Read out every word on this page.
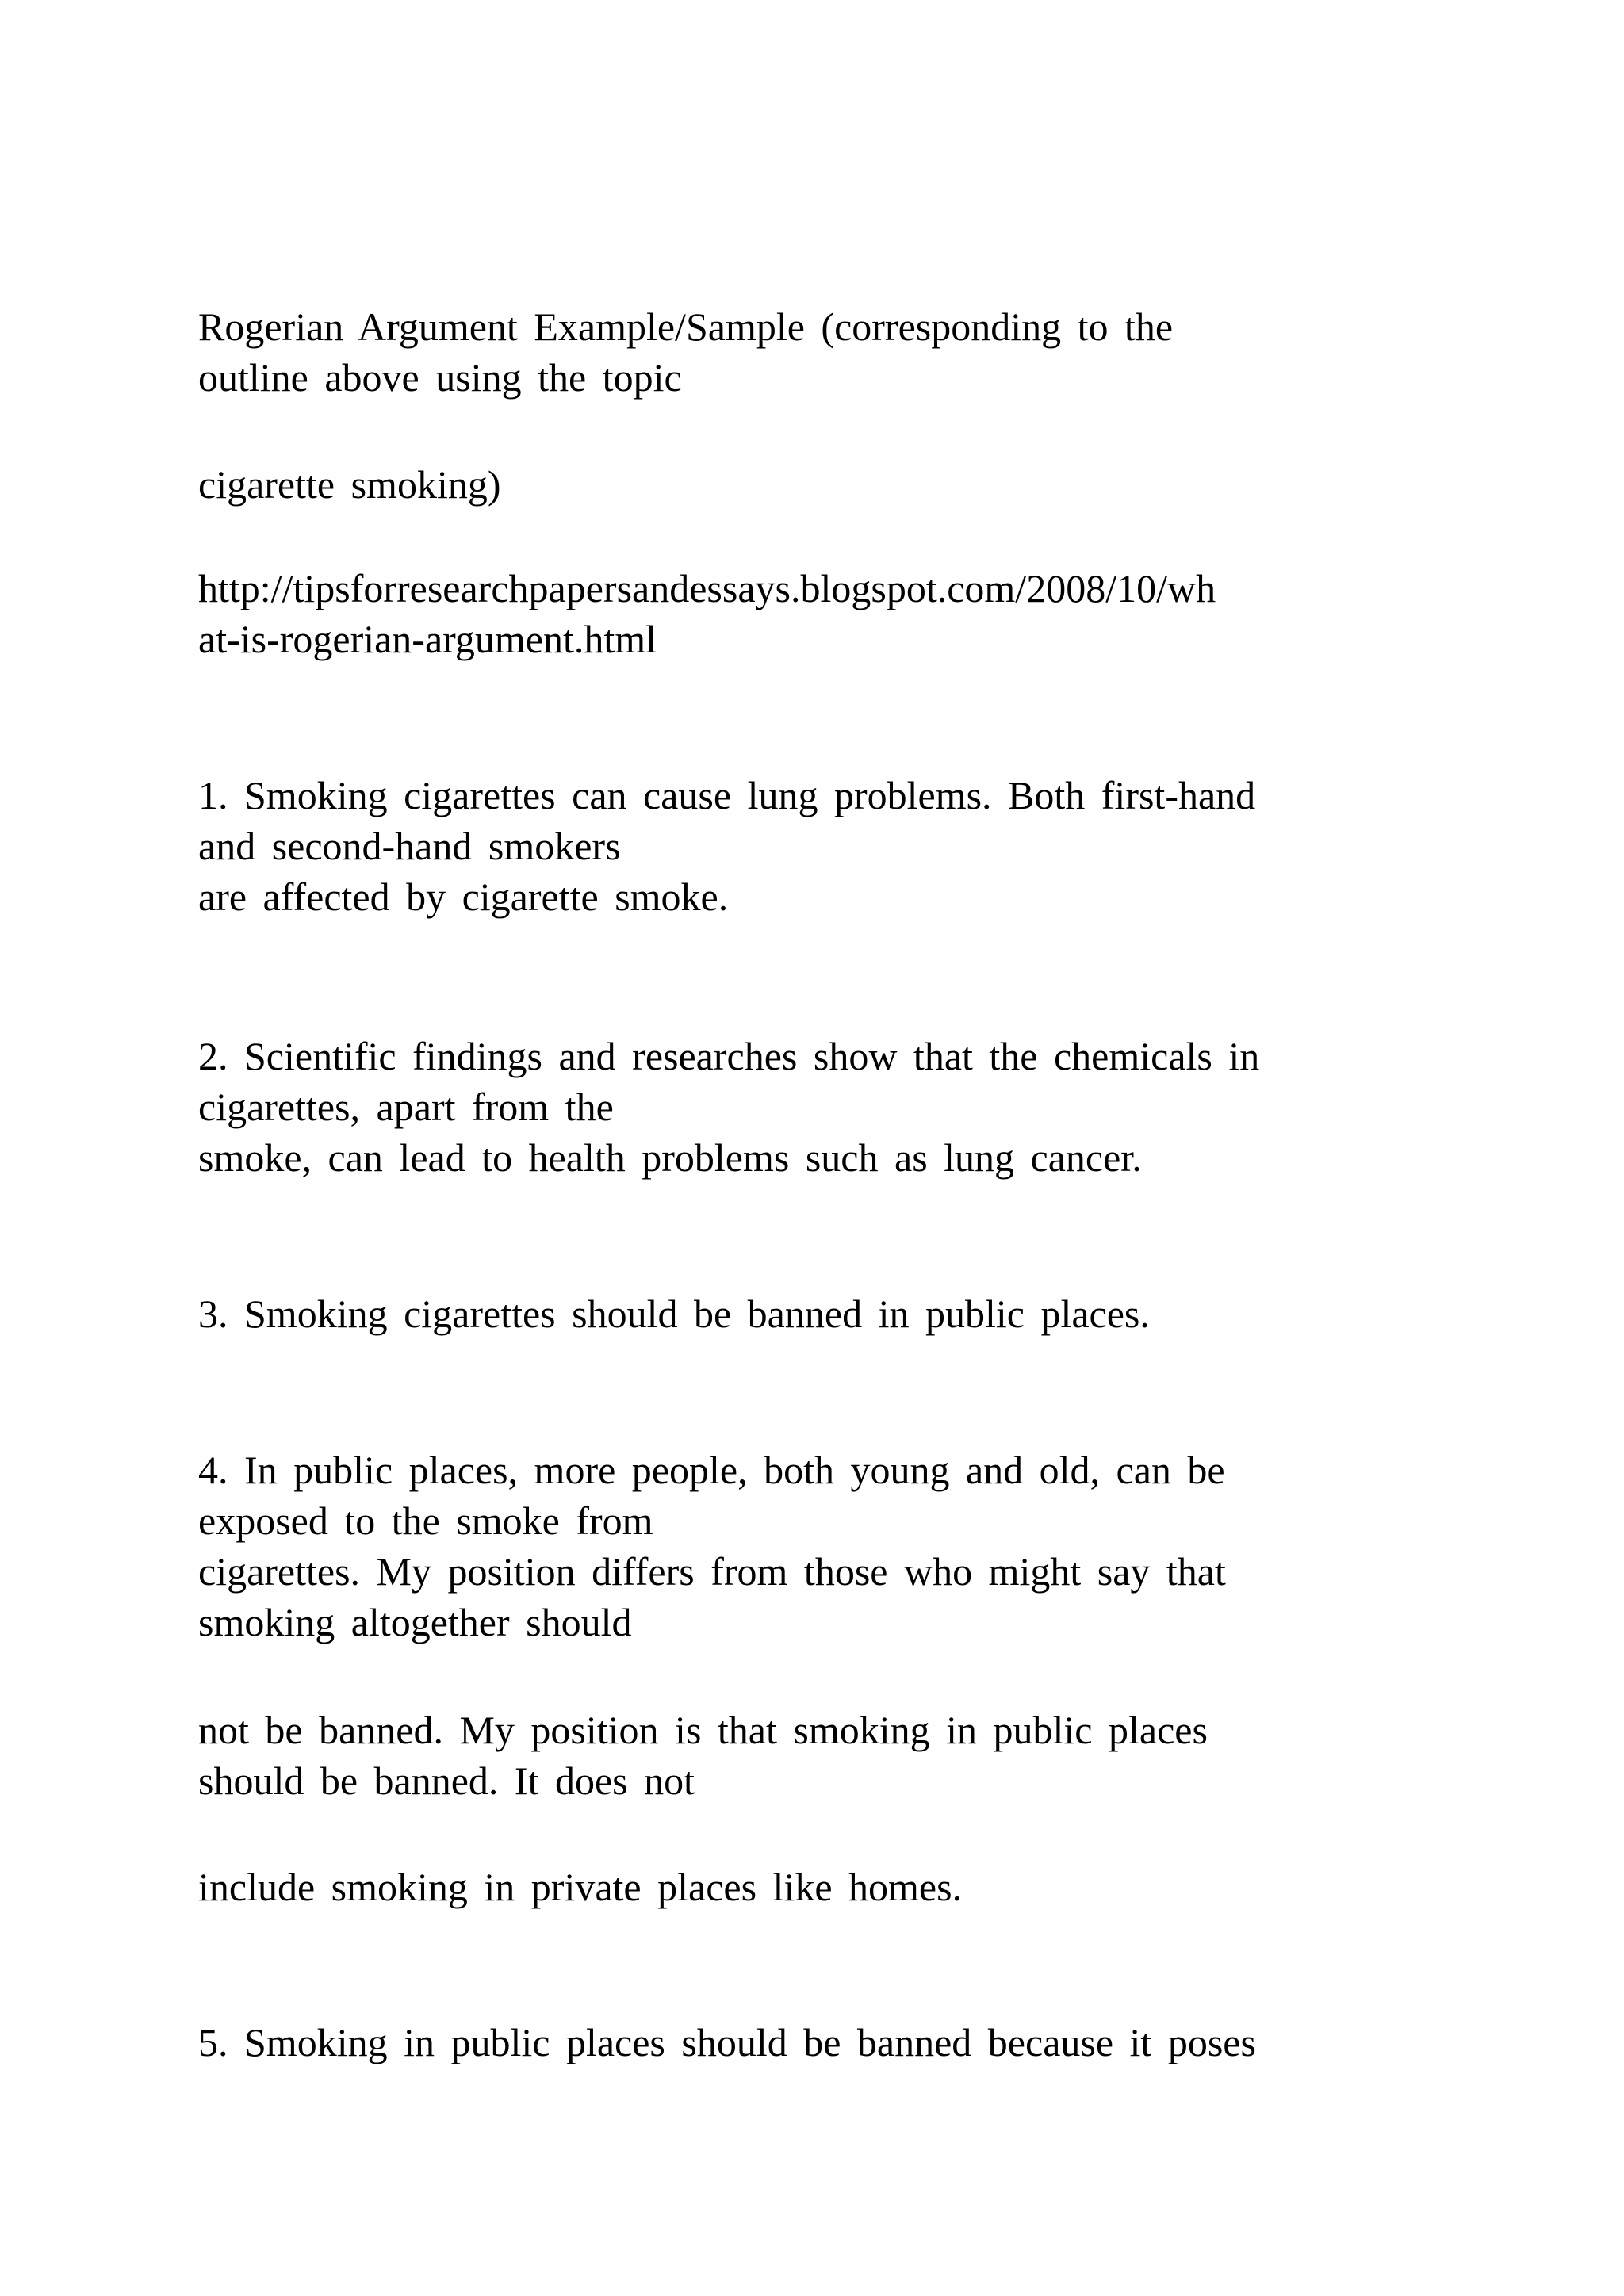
Rogerian Argument Example/Sample (corresponding to the

outline above using the topic

cigarette smoking)

http://tipsforresearchpapersandessays.blogspot.com/2008/10/wh

at-is-rogerian-argument.html

1. Smoking cigarettes can cause lung problems. Both first-hand

and second-hand smokers

are affected by cigarette smoke.

2. Scientific findings and researches show that the chemicals in

cigarettes, apart from the

smoke, can lead to health problems such as lung cancer.

3. Smoking cigarettes should be banned in public places.

4. In public places, more people, both young and old, can be

exposed to the smoke from

cigarettes. My position differs from those who might say that

smoking altogether should

not be banned. My position is that smoking in public places

should be banned. It does not

include smoking in private places like homes.

5. Smoking in public places should be banned because it poses
